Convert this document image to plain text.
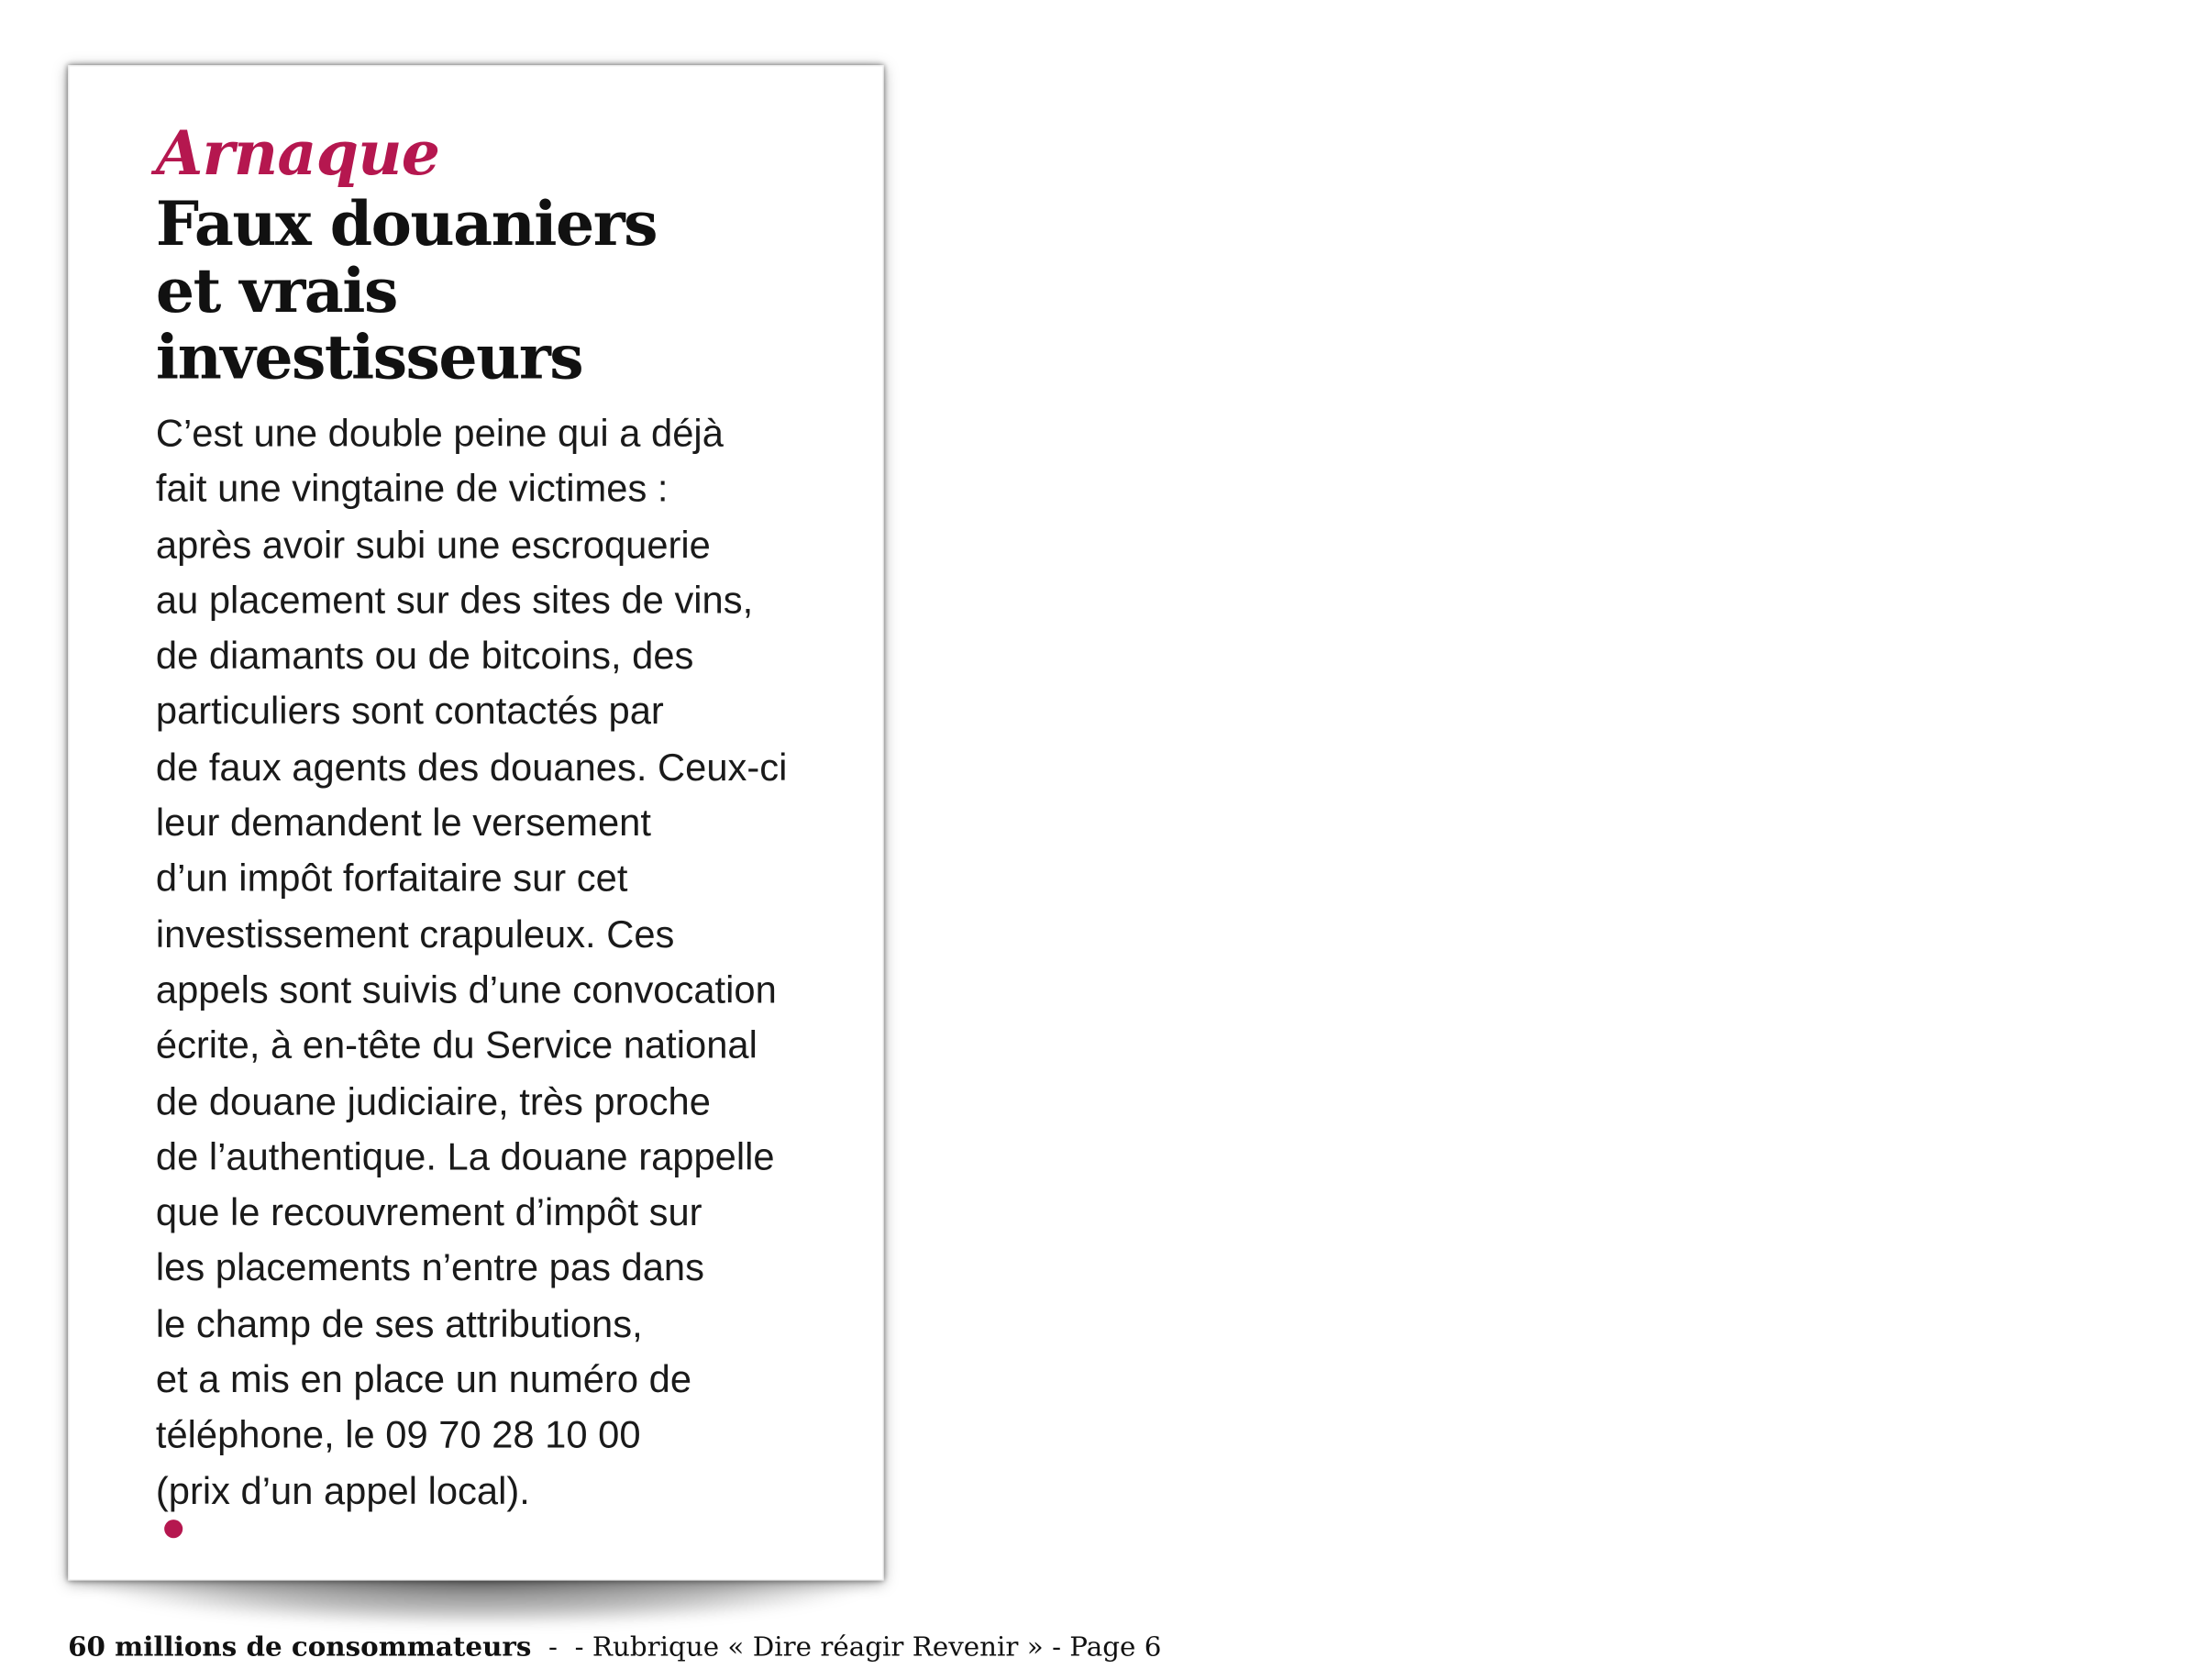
Arnaque
Faux douaniers
et vrais
investisseurs
C’est une double peine qui a déjà
fait une vingtaine de victimes :
après avoir subi une escroquerie
au placement sur des sites de vins,
de diamants ou de bitcoins, des
particuliers sont contactés par
de faux agents des douanes. Ceux-ci
leur demandent le versement
d’un impôt forfaitaire sur cet
investissement crapuleux. Ces
appels sont suivis d’une convocation
écrite, à en-tête du Service national
de douane judiciaire, très proche
de l’authentique. La douane rappelle
que le recouvrement d’impôt sur
les placements n’entre pas dans
le champ de ses attributions,
et a mis en place un numéro de
téléphone, le 09 70 28 10 00
(prix d’un appel local).
60 millions de consommateurs  -  - Rubrique « Dire réagir Revenir » - Page 6
